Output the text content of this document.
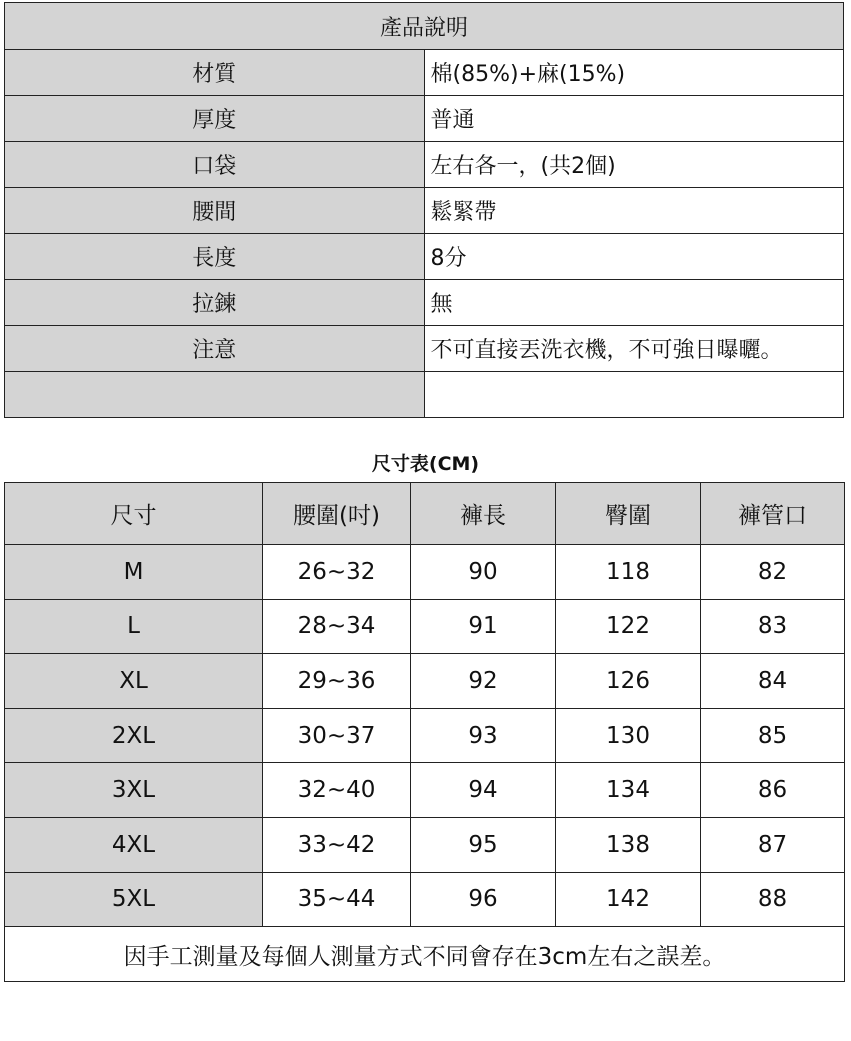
產品說明	
材質	棉(85%)+麻(15%)
厚度	普通
口袋	左右各一，(共2個)
腰間	鬆緊帶
長度	8分
拉鍊	無
注意	不可直接丟洗衣機，不可強日曝曬。

尺寸表(CM)
尺寸	腰圍(吋)	褲長	臀圍	褲管口
M	26~32	90	118	82
L	28~34	91	122	83
XL	29~36	92	126	84
2XL	30~37	93	130	85
3XL	32~40	94	134	86
4XL	33~42	95	138	87
5XL	35~44	96	142	88
因手工測量及每個人測量方式不同會存在3cm左右之誤差。				
